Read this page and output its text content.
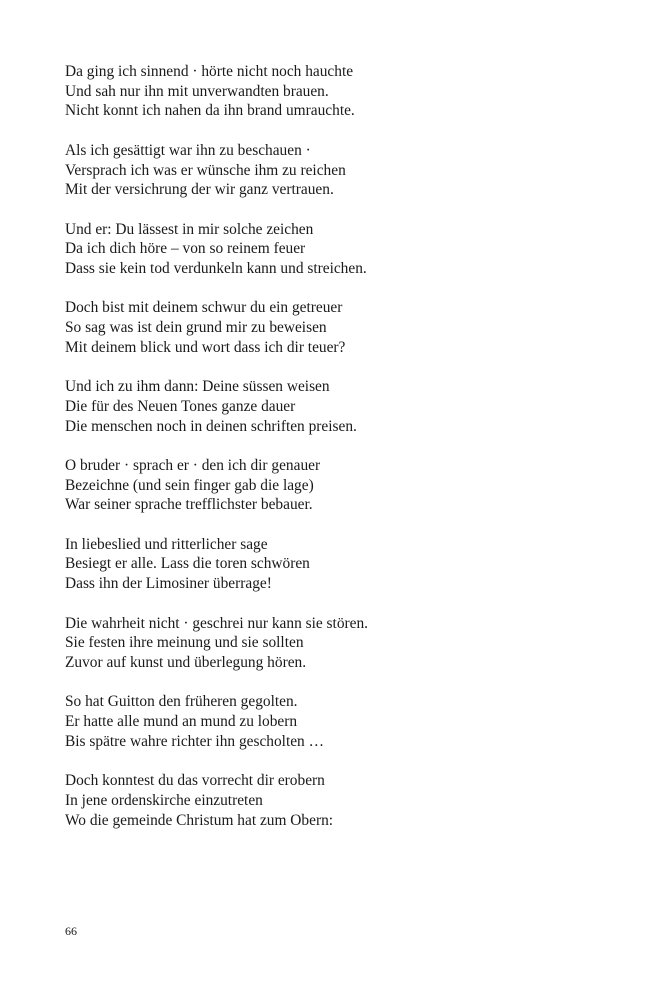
Da ging ich sinnend · hörte nicht noch hauchte
Und sah nur ihn mit unverwandten brauen.
Nicht konnt ich nahen da ihn brand umrauchte.
Als ich gesättigt war ihn zu beschauen ·
Versprach ich was er wünsche ihm zu reichen
Mit der versichrung der wir ganz vertrauen.
Und er: Du lässest in mir solche zeichen
Da ich dich höre – von so reinem feuer
Dass sie kein tod verdunkeln kann und streichen.
Doch bist mit deinem schwur du ein getreuer
So sag was ist dein grund mir zu beweisen
Mit deinem blick und wort dass ich dir teuer?
Und ich zu ihm dann: Deine süssen weisen
Die für des Neuen Tones ganze dauer
Die menschen noch in deinen schriften preisen.
O bruder · sprach er · den ich dir genauer
Bezeichne (und sein finger gab die lage)
War seiner sprache trefflichster bebauer.
In liebeslied und ritterlicher sage
Besiegt er alle. Lass die toren schwören
Dass ihn der Limosiner überrage!
Die wahrheit nicht · geschrei nur kann sie stören.
Sie festen ihre meinung und sie sollten
Zuvor auf kunst und überlegung hören.
So hat Guitton den früheren gegolten.
Er hatte alle mund an mund zu lobern
Bis spätre wahre richter ihn gescholten …
Doch konntest du das vorrecht dir erobern
In jene ordenskirche einzutreten
Wo die gemeinde Christum hat zum Obern:
66
